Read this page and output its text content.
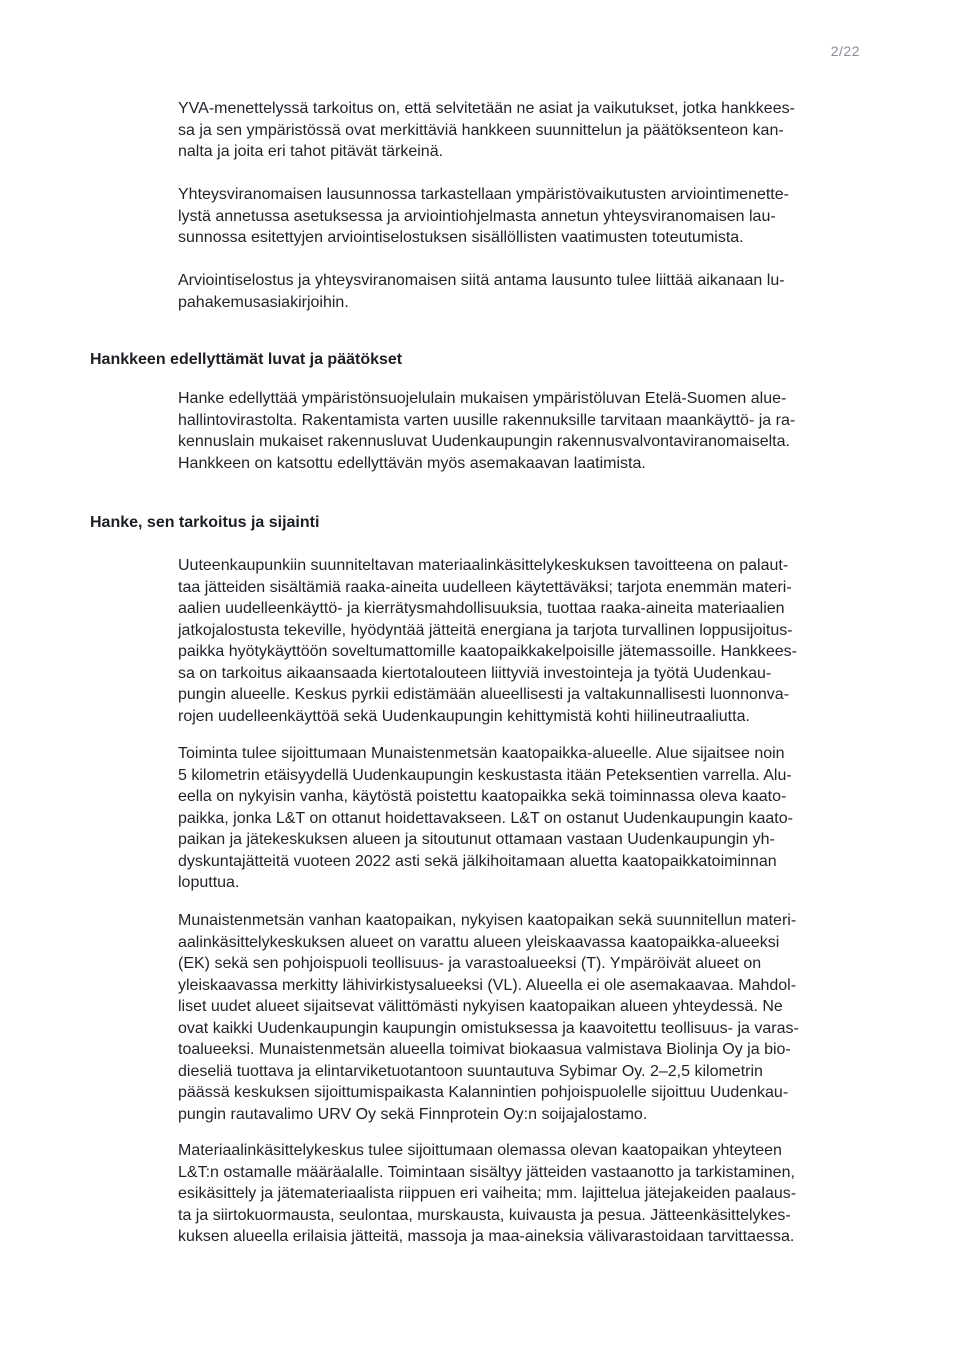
2/22

YVA-menettelyssä tarkoitus on, että selvitetään ne asiat ja vaikutukset, jotka hankkees-
sa ja sen ympäristössä ovat merkittäviä hankkeen suunnittelun ja päätöksenteon kan-
nalta ja joita eri tahot pitävät tärkeinä.

Yhteysviranomaisen lausunnossa tarkastellaan ympäristövaikutusten arviointimenette-
lystä annetussa asetuksessa ja arviointiohjelmasta annetun yhteysviranomaisen lau-
sunnossa esitettyjen arviointiselostuksen sisällöllisten vaatimusten toteutumista.

Arviointiselostus ja yhteysviranomaisen siitä antama lausunto tulee liittää aikanaan lu-
pahakemusasiakirjoihin.

Hankkeen edellyttämät luvat ja päätökset

Hanke edellyttää ympäristönsuojelulain mukaisen ympäristöluvan Etelä-Suomen alue-
hallintovirastolta. Rakentamista varten uusille rakennuksille tarvitaan maankäyttö- ja ra-
kennuslain mukaiset rakennusluvat Uudenkaupungin rakennusvalvontaviranomaiselta.
Hankkeen on katsottu edellyttävän myös asemakaavan laatimista.

Hanke, sen tarkoitus ja sijainti

Uuteenkaupunkiin suunniteltavan materiaalinkäsittelykeskuksen tavoitteena on palaut-
taa jätteiden sisältämiä raaka-aineita uudelleen käytettäväksi; tarjota enemmän materi-
aalien uudelleenkäyttö- ja kierrätysmahdollisuuksia, tuottaa raaka-aineita materiaalien
jatkojalostusta tekeville, hyödyntää jätteitä energiana ja tarjota turvallinen loppusijoitus-
paikka hyötykäyttöön soveltumattomille kaatopaikkakelpoisille jätemassoille. Hankkees-
sa on tarkoitus aikaansaada kiertotalouteen liittyviä investointeja ja työtä Uudenkau-
pungin alueelle. Keskus pyrkii edistämään alueellisesti ja valtakunnallisesti luonnonva-
rojen uudelleenkäyttöä sekä Uudenkaupungin kehittymistä kohti hiilineutraaliutta.

Toiminta tulee sijoittumaan Munaistenmetsän kaatopaikka-alueelle. Alue sijaitsee noin
5 kilometrin etäisyydellä Uudenkaupungin keskustasta itään Peteksentien varrella. Alu-
eella on nykyisin vanha, käytöstä poistettu kaatopaikka sekä toiminnassa oleva kaato-
paikka, jonka L&T on ottanut hoidettavakseen. L&T on ostanut Uudenkaupungin kaato-
paikan ja jätekeskuksen alueen ja sitoutunut ottamaan vastaan Uudenkaupungin yh-
dyskuntajätteitä vuoteen 2022 asti sekä jälkihoitamaan aluetta kaatopaikkatoiminnan
loputtua.

Munaistenmetsän vanhan kaatopaikan, nykyisen kaatopaikan sekä suunnitellun materi-
aalinkäsittelykeskuksen alueet on varattu alueen yleiskaavassa kaatopaikka-alueeksi
(EK) sekä sen pohjoispuoli teollisuus- ja varastoalueeksi (T). Ympäröivät alueet on
yleiskaavassa merkitty lähivirkistysalueeksi (VL). Alueella ei ole asemakaavaa. Mahdol-
liset uudet alueet sijaitsevat välittömästi nykyisen kaatopaikan alueen yhteydessä. Ne
ovat kaikki Uudenkaupungin kaupungin omistuksessa ja kaavoitettu teollisuus- ja varas-
toalueeksi. Munaistenmetsän alueella toimivat biokaasua valmistava Biolinja Oy ja bio-
dieseliä tuottava ja elintarviketuotantoon suuntautuva Sybimar Oy. 2–2,5 kilometrin
päässä keskuksen sijoittumispaikasta Kalannintien pohjoispuolelle sijoittuu Uudenkau-
pungin rautavalimo URV Oy sekä Finnprotein Oy:n soijajalostamo.

Materiaalinkäsittelykeskus tulee sijoittumaan olemassa olevan kaatopaikan yhteyteen
L&T:n ostamalle määräalalle. Toimintaan sisältyy jätteiden vastaanotto ja tarkistaminen,
esikäsittely ja jätemateriaalista riippuen eri vaiheita; mm. lajittelua jätejakeiden paalaus-
ta ja siirtokuormausta, seulontaa, murskausta, kuivausta ja pesua. Jätteenkäsittelykes-
kuksen alueella erilaisia jätteitä, massoja ja maa-aineksia välivarastoidaan tarvittaessa.
